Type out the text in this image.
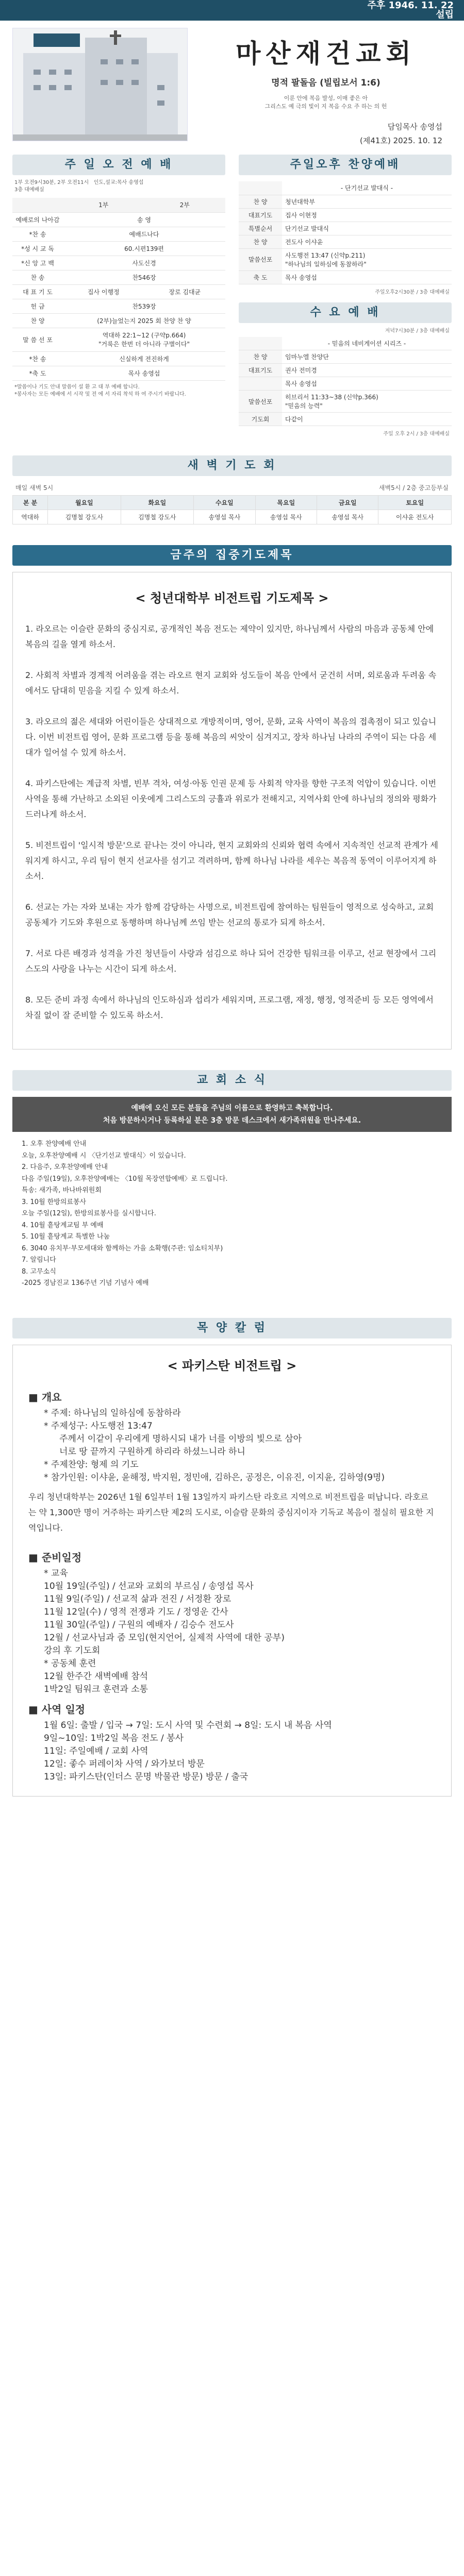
주후 1946. 11. 22
설립
마산재건교회
명적 팔돌음 (빌립보서 1:6)
이룬 안에 복음 발성, 이매 좋은 아
그리스도 예 극의 빛이 지 복음 수요 주 하는 의 헌
담임목사 송영섭
(제41호) 2025. 10. 12
주 일 오 전 예 배
1부 오전9시30분, 2부 오전11시 인도,설교:목사 송영섭
3층 대예배실
	1부	2부
예배로의 나아감	송 영	
*찬 송	예배드나다	
*성 시 교 독	60.시편139편	
*신 앙 고 백	사도신경	
찬 송	찬546장	
대 표 기 도	집사 이행정	장로 김대균
헌 금	찬539장	
찬 양	(2부)늘었는지 2025 회 찬양 찬 양	
말 씀 선 포	역대하 22:1~12 (구약p.664)
"거룩은 한번 더 아니라 구별이다"	

*찬 송	신실하게 전진하게	
*축 도	목사 송영섭	
*말씀이나 기도 안내 말씀이 설 환 고 대 부 예배 합니다.
*봉사자는 모든 예배에 서 시작 및 전 에 서 자리 착석 하 여 주시기 바랍니다.
주일오후 찬양예배
	- 단기선교 발대식 -
찬 양	청년대학부
대표기도	집사 이현정
특별순서	단기선교 발대식
찬 양	전도사 이샤윤
말씀선포	사도행전 13:47 (신약p.211)
"하나님의 일하심에 동참하라"

축 도	목사 송영섭
주일오후2시30분 / 3층 대예배실
수 요 예 배
저녁7시30분 / 3층 대예배실
	- 믿음의 네비게이션 시리즈 -
찬 양	임마누엘 찬양단
대표기도	권사 전미경
	목사 송영섭
말씀선포	히브리서 11:33~38 (신약p.366)
"믿음의 능력"

기도회	다같이
주일 오후 2시 / 3층 대예배실
새 벽 기 도 회
매일 새벽 5시	새벽5시 / 2층 중고등부실
본 분	월요일	화요일	수요일	목요일	금요일	토요일
역대하	김명철 강도사	김명철 강도사	송영섭 목사	송영섭 목사	송영섭 목사	이샤윤 전도사
금주의 집중기도제목
< 청년대학부 비전트립 기도제목 >

1. 라오르는 이슬란 문화의 중심지로, 공개적인 복음 전도는 제약이 있지만, 하나님께서 사람의 마음과 공동체 안에 복음의 길을 열게 하소서.

2. 사회적 차별과 경계적 어려움을 겪는 라오르 현지 교회와 성도들이 복음 안에서 굳건히 서며, 외로움과 두려움 속에서도 담대히 믿음을 지킬 수 있게 하소서.

3. 라오르의 젊은 세대와 어린이들은 상대적으로 개방적이며, 영어, 문화, 교육 사역이 복음의 접촉점이 되고 있습니다. 이번 비전트립 영어, 문화 프로그램 등을 통해 복음의 씨앗이 심겨지고, 장차 하나님 나라의 주역이 되는 다음 세대가 일어설 수 있게 하소서.

4. 파키스탄에는 계급적 차별, 빈부 격차, 여성·아동 인권 문제 등 사회적 약자를 향한 구조적 억압이 있습니다. 이번 사역을 통해 가난하고 소외된 이웃에게 그리스도의 긍휼과 위로가 전해지고, 지역사회 안에 하나님의 정의와 평화가 드러나게 하소서.

5. 비전트립이 '일시적 방문'으로 끝나는 것이 아니라, 현지 교회와의 신뢰와 협력 속에서 지속적인 선교적 관계가 세워지게 하시고, 우리 팀이 현지 선교사를 섬기고 격려하며, 함께 하나님 나라를 세우는 복음적 동역이 이루어지게 하소서.

6. 선교는 가는 자와 보내는 자가 함께 감당하는 사명으로, 비전트립에 참여하는 팀원들이 영적으로 성숙하고, 교회 공동체가 기도와 후원으로 동행하며 하나님께 쓰임 받는 선교의 통로가 되게 하소서.

7. 서로 다른 배경과 성격을 가진 청년들이 사랑과 섬김으로 하나 되어 건강한 팀워크를 이루고, 선교 현장에서 그리스도의 사랑을 나누는 시간이 되게 하소서.

8. 모든 준비 과정 속에서 하나님의 인도하심과 섭리가 세워지며, 프로그램, 재정, 행정, 영적준비 등 모든 영역에서 차질 없이 잘 준비할 수 있도록 하소서.

교 회 소 식
예배에 오신 모든 분들을 주님의 이름으로 환영하고 축복합니다.
처음 방문하시거나 등록하실 분은 3층 방문 데스크에서 새가족위원을 만나주세요.
1. 오후 찬양예배 안내
오늘, 오후찬양예배 시 〈단기선교 발대식〉이 있습니다.
2. 다음주, 오후찬양예배 안내
다음 주일(19일), 오후찬양예배는 〈10월 목장연합예배〉로 드립니다.
특송: 새가족, 바나바위원회
3. 10월 한방의료봉사
오늘 주일(12일), 한방의료봉사를 실시합니다.
4. 10월 흩탕계교팀 부 예배
5. 10월 흩탕계교 특별한 나눔
6. 3040 유치부·부모세대와 함께하는 가을 소확행(주관: 임소티치부)
7. 알림니다
8. 고무소식
-2025 경남진교 136주년 기념 기념사 예배
목 양 칼 럼
< 파키스탄 비전트립 >
■ 개요
* 주제: 하나님의 일하심에 동참하라
* 주제성구: 사도행전 13:47
주께서 이같이 우리에게 명하시되 내가 너를 이방의 빛으로 삼아
너로 땅 끝까지 구원하게 하리라 하셨느니라 하니
* 주제찬양: 형제 의 기도
* 참가인원: 이샤윤, 윤해정, 박지원, 정민애, 김하은, 공정은, 이유진, 이지윤, 김하영(9명)

우리 청년대학부는 2026년 1월 6일부터 1월 13일까지 파키스탄 라호르 지역으로 비전트립을 떠납니다. 라호르는 약 1,300만 명이 거주하는 파키스탄 제2의 도시로, 이슬람 문화의 중심지이자 기독교 복음이 절실히 필요한 지역입니다.

■ 준비일정
* 교육
10월 19일(주일) / 선교와 교회의 부르심 / 송영섭 목사
11월 9일(주일) / 선교적 삶과 전진 / 서정환 장로
11월 12일(수) / 영적 전쟁과 기도 / 정영운 간사
11월 30일(주일) / 구원의 예배자 / 김승수 전도사
12월 / 선교사님과 줌 모임(현지언어, 실제적 사역에 대한 공부)
강의 후 기도회
* 공동체 훈련
12월 한주간 새벽예배 참석
1박2일 팀워크 훈련과 소통
■ 사역 일정
1월 6일: 출발 / 입국 → 7일: 도시 사역 및 수련회 → 8일: 도시 내 복음 사역
9일~10일: 1박2일 복음 전도 / 봉사
11일: 주일예배 / 교회 사역
12일: 좋수 퍼레이차 사역 / 와가보더 방문
13일: 파키스탄(인더스 문명 박물관 방문) 방문 / 출국
